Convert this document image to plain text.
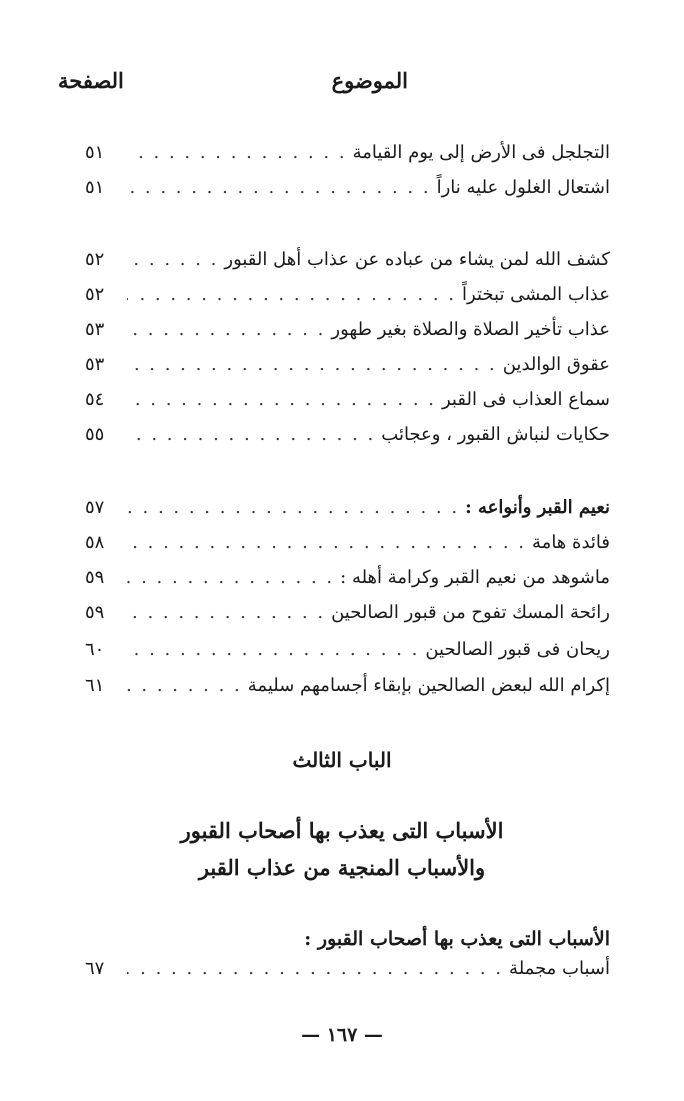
الموضوع
الصفحة
التجلجل فى الأرض إلى يوم القيامة
. . .
٥١
اشتعال الغلول عليه ناراً
. . .
٥١
كشف الله لمن يشاء من عباده عن عذاب أهل القبور
. . .
٥٢
عذاب المشى تبختراً
. . .
٥٢
عذاب تأخير الصلاة والصلاة بغير طهور
. . .
٥٣
عقوق الوالدين
. . .
٥٣
سماع العذاب فى القبر
. . .
٥٤
حكايات لنباش القبور ، وعجائب
. . .
٥٥
نعيم القبر وأنواعه :
. . .
٥٧
فائدة هامة
. . .
٥٨
ماشوهد من نعيم القبر وكرامة أهله :
. . .
٥٩
رائحة المسك تفوح من قبور الصالحين
. . .
٥٩
ريحان فى قبور الصالحين
. . .
٦٠
إكرام الله لبعض الصالحين بإبقاء أجسامهم سليمة
. . .
٦١
الباب الثالث
الأسباب التى يعذب بها أصحاب القبور
والأسباب المنجية من عذاب القبر
الأسباب التى يعذب بها أصحاب القبور :
أسباب مجملة
. . .
٦٧
— ١٦٧ —
